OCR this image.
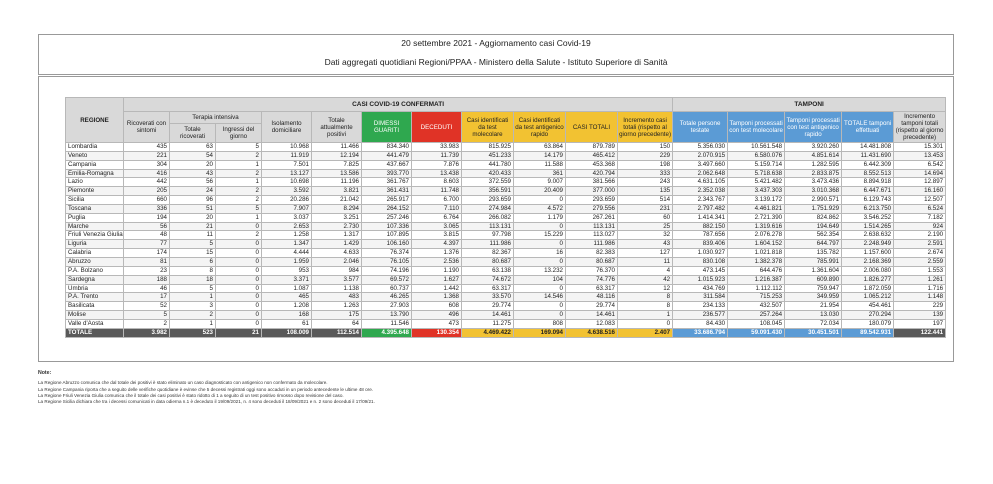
20 settembre 2021 - Aggiornamento casi Covid-19
Dati aggregati quotidiani Regioni/PPAA - Ministero della Salute - Istituto Superiore di Sanità
REGIONE	CASI COVID-19 CONFERMATI											TAMPONI				
	Ricoverati con sintomi	Terapia intensiva		Isolamento domiciliare	Totale attualmente positivi	DIMESSI GUARITI	DECEDUTI	Casi identificati da test molecolare	Casi identificati da test antigenico rapido	CASI TOTALI	Incremento casi totali (rispetto al giorno precedente)	Totale persone testate	Tamponi processati con test molecolare	Tamponi processati con test antigenico rapido	TOTALE tamponi effettuati	Incremento tamponi totali (rispetto al giorno precedente)
		Totale ricoverati	Ingressi del giorno													
Lombardia	435	63	5	10.968	11.466	834.340	33.983	815.925	63.864	879.789	150	5.356.030	10.561.548	3.920.260	14.481.808	15.301
Veneto	221	54	2	11.919	12.194	441.479	11.739	451.233	14.179	465.412	229	2.070.915	6.580.076	4.851.614	11.431.690	13.453
Campania	304	20	1	7.501	7.825	437.667	7.876	441.780	11.588	453.368	198	3.497.660	5.159.714	1.282.595	6.442.309	6.542
Emilia-Romagna	416	43	2	13.127	13.586	393.770	13.438	420.433	361	420.794	333	2.062.648	5.718.638	2.833.875	8.552.513	14.694
Lazio	442	56	1	10.698	11.196	361.767	8.603	372.559	9.007	381.566	243	4.631.105	5.421.482	3.473.436	8.894.918	12.897
Piemonte	205	24	2	3.592	3.821	361.431	11.748	356.591	20.409	377.000	135	2.352.038	3.437.303	3.010.368	6.447.671	16.160
Sicilia	660	96	2	20.286	21.042	265.917	6.700	293.659	0	293.659	514	2.343.767	3.139.172	2.990.571	6.129.743	12.507
Toscana	336	51	5	7.907	8.294	264.152	7.110	274.984	4.572	279.556	231	2.797.482	4.461.821	1.751.929	6.213.750	6.524
Puglia	194	20	1	3.037	3.251	257.246	6.764	266.082	1.179	267.261	60	1.414.341	2.721.390	824.862	3.546.252	7.182
Marche	56	21	0	2.653	2.730	107.336	3.065	113.131	0	113.131	25	882.150	1.319.616	194.649	1.514.265	924
Friuli Venezia Giulia	48	11	2	1.258	1.317	107.895	3.815	97.798	15.229	113.027	32	787.656	2.076.278	562.354	2.638.632	2.190
Liguria	77	5	0	1.347	1.429	106.160	4.397	111.986	0	111.986	43	839.406	1.604.152	644.797	2.248.949	2.591
Calabria	174	15	0	4.444	4.633	76.374	1.376	82.367	16	82.383	127	1.030.927	1.021.818	135.782	1.157.600	2.674
Abruzzo	81	6	0	1.959	2.046	76.105	2.536	80.687	0	80.687	11	830.108	1.382.378	785.991	2.168.369	2.559
P.A. Bolzano	23	8	0	953	984	74.196	1.190	63.138	13.232	76.370	4	473.145	644.476	1.361.604	2.006.080	1.553
Sardegna	188	18	0	3.371	3.577	69.572	1.627	74.672	104	74.776	42	1.015.923	1.216.387	609.890	1.826.277	1.261
Umbria	46	5	0	1.087	1.138	60.737	1.442	63.317	0	63.317	12	434.769	1.112.112	759.947	1.872.059	1.716
P.A. Trento	17	1	0	465	483	46.265	1.368	33.570	14.546	48.116	8	311.584	715.253	349.959	1.065.212	1.148
Basilicata	52	3	0	1.208	1.263	27.903	608	29.774	0	29.774	8	234.133	432.507	21.954	454.461	229
Molise	5	2	0	168	175	13.790	496	14.461	0	14.461	1	236.577	257.264	13.030	270.294	139
Valle d'Aosta	2	1	0	61	64	11.546	473	11.275	808	12.083	0	84.430	108.045	72.034	180.079	197
TOTALE	3.982	523	21	108.009	112.514	4.395.648	130.354	4.469.422	169.094	4.638.516	2.407	33.686.794	59.091.430	30.451.501	89.542.931	122.441
Note:
La Regione Abruzzo comunica che dal totale dei positivi è stato eliminato un caso diagnosticato con antigenico non confermato da molecolare.
La Regione Campania riporta che a seguito delle verifiche quotidiane è evinse che 5 decessi registrati oggi sono accaduti in un periodo antecedente le ultime 48 ore.
La Regione Friuli Venezia Giulia comunica che il totale dei casi positivi è stato ridotto di 1 a seguito di un test positivo rimosso dopo revisione del caso.
La Regione Sicilia dichiara che tra i decessi comunicati in data odierna n.1 è deceduto il 19/09/2021, n. 4 sono deceduti il 18/09/2021 e n. 2 sono deceduti il 17/09/21.
